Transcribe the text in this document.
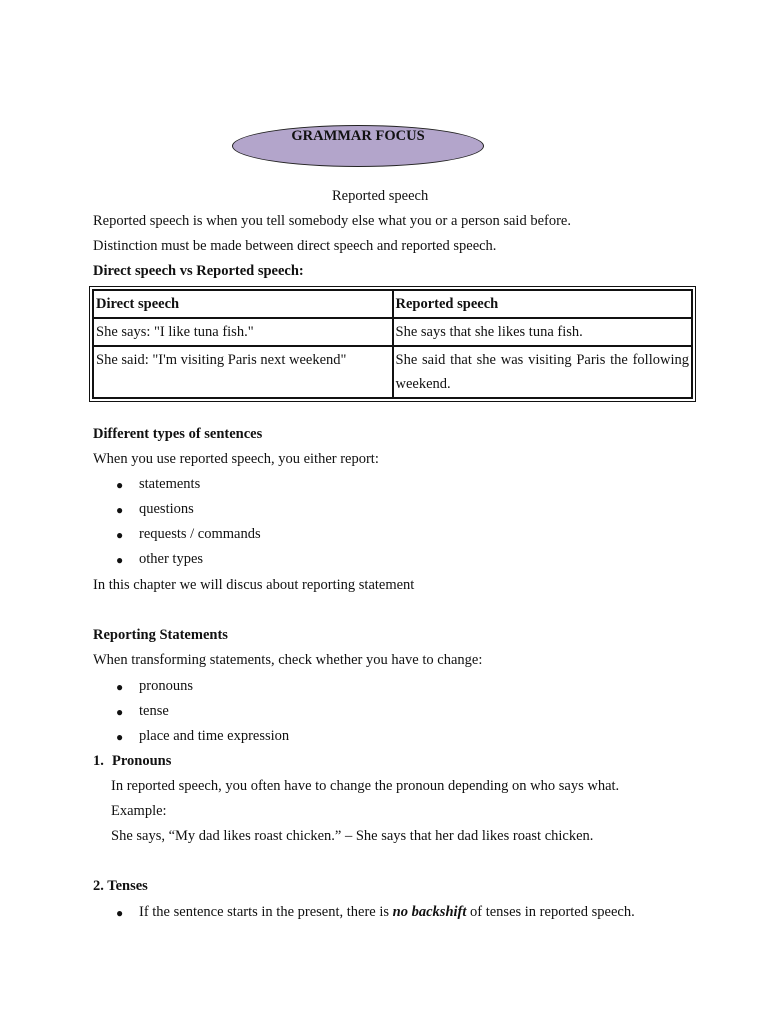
GRAMMAR FOCUS
Reported speech
Reported speech is when you tell somebody else what you or a person said before.
Distinction must be made between direct speech and reported speech.
Direct speech vs Reported speech:
Direct speech	Reported speech
She says: "I like tuna fish."	She says that she likes tuna fish.
She said: "I'm visiting Paris next weekend"	She said that she was visiting Paris the following weekend.
Different types of sentences
When you use reported speech, you either report:
● statements
● questions
● requests / commands
● other types
In this chapter we will discus about reporting statement
Reporting Statements
When transforming statements, check whether you have to change:
● pronouns
● tense
● place and time expression
1. Pronouns
In reported speech, you often have to change the pronoun depending on who says what.
Example:
She says, “My dad likes roast chicken.” – She says that her dad likes roast chicken.
2. Tenses
● If the sentence starts in the present, there is no backshift of tenses in reported speech.
